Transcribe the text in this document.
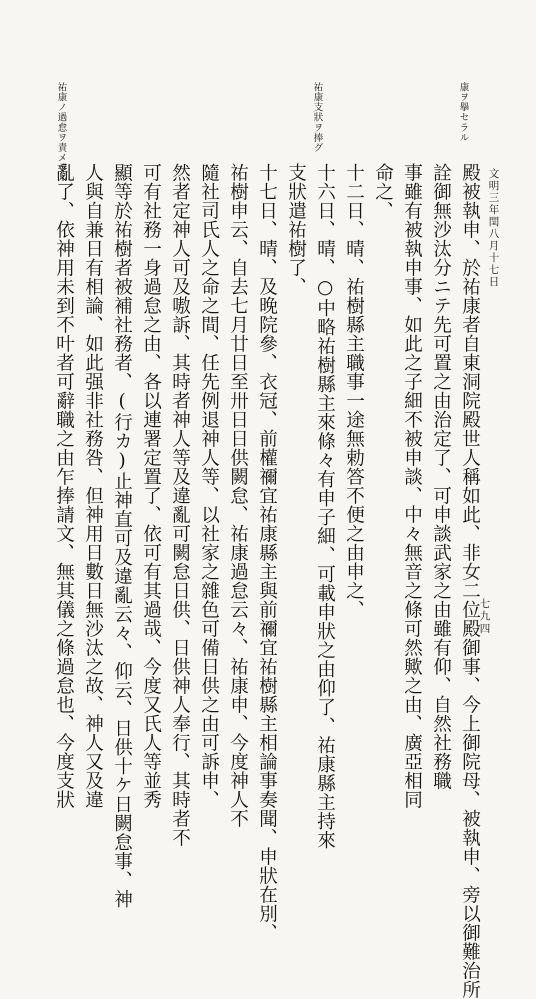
文明三年閏八月十七日
七九四
康ヲ擧セラル
祐康支狀ヲ捧グ
祐康ノ過怠ヲ責メラル
殿被執申、於祐康者自東洞院殿世人稱如此、非女二位殿御事、今上御院母、被執申、旁以御難治所
詮御無沙汰分ニテ先可置之由治定了、可申談武家之由雖有仰、自然社務職
事雖有被執申事、如此之子細不被申談、中々無音之條可然歟之由、廣亞相同
命之、
十二日、晴、祐樹縣主職事一途無勅答不便之由申之、
十六日、晴、○中略祐樹縣主來條々有申子細、可載申狀之由仰了、祐康縣主持來
支狀遣祐樹了、
十七日、晴、及晚院參、衣冠、前權禰宜祐康縣主與前禰宜祐樹縣主相論事奏聞、申狀在別、
祐樹申云、自去七月廿日至卅日日供闕怠、祐康過怠云々、祐康申、今度神人不
隨社司氏人之命之間、任先例退神人等、以社家之雜色可備日供之由可訴申、
然者定神人可及嗷訴、其時者神人等及違亂可闕怠日供、日供神人奉行、其時者不
可有社務一身過怠之由、各以連署定置了、依可有其過哉、今度又氏人等並秀
顯等於祐樹者被補社務者、(行カ)止神直可及違亂云々、仰云、日供十ケ日闕怠事、神
人與自兼日有相論、如此强非社務咎、但神用日數日無沙汰之故、神人又及違
亂了、依神用未到不叶者可辭職之由乍捧請文、無其儀之條過怠也、今度支狀
